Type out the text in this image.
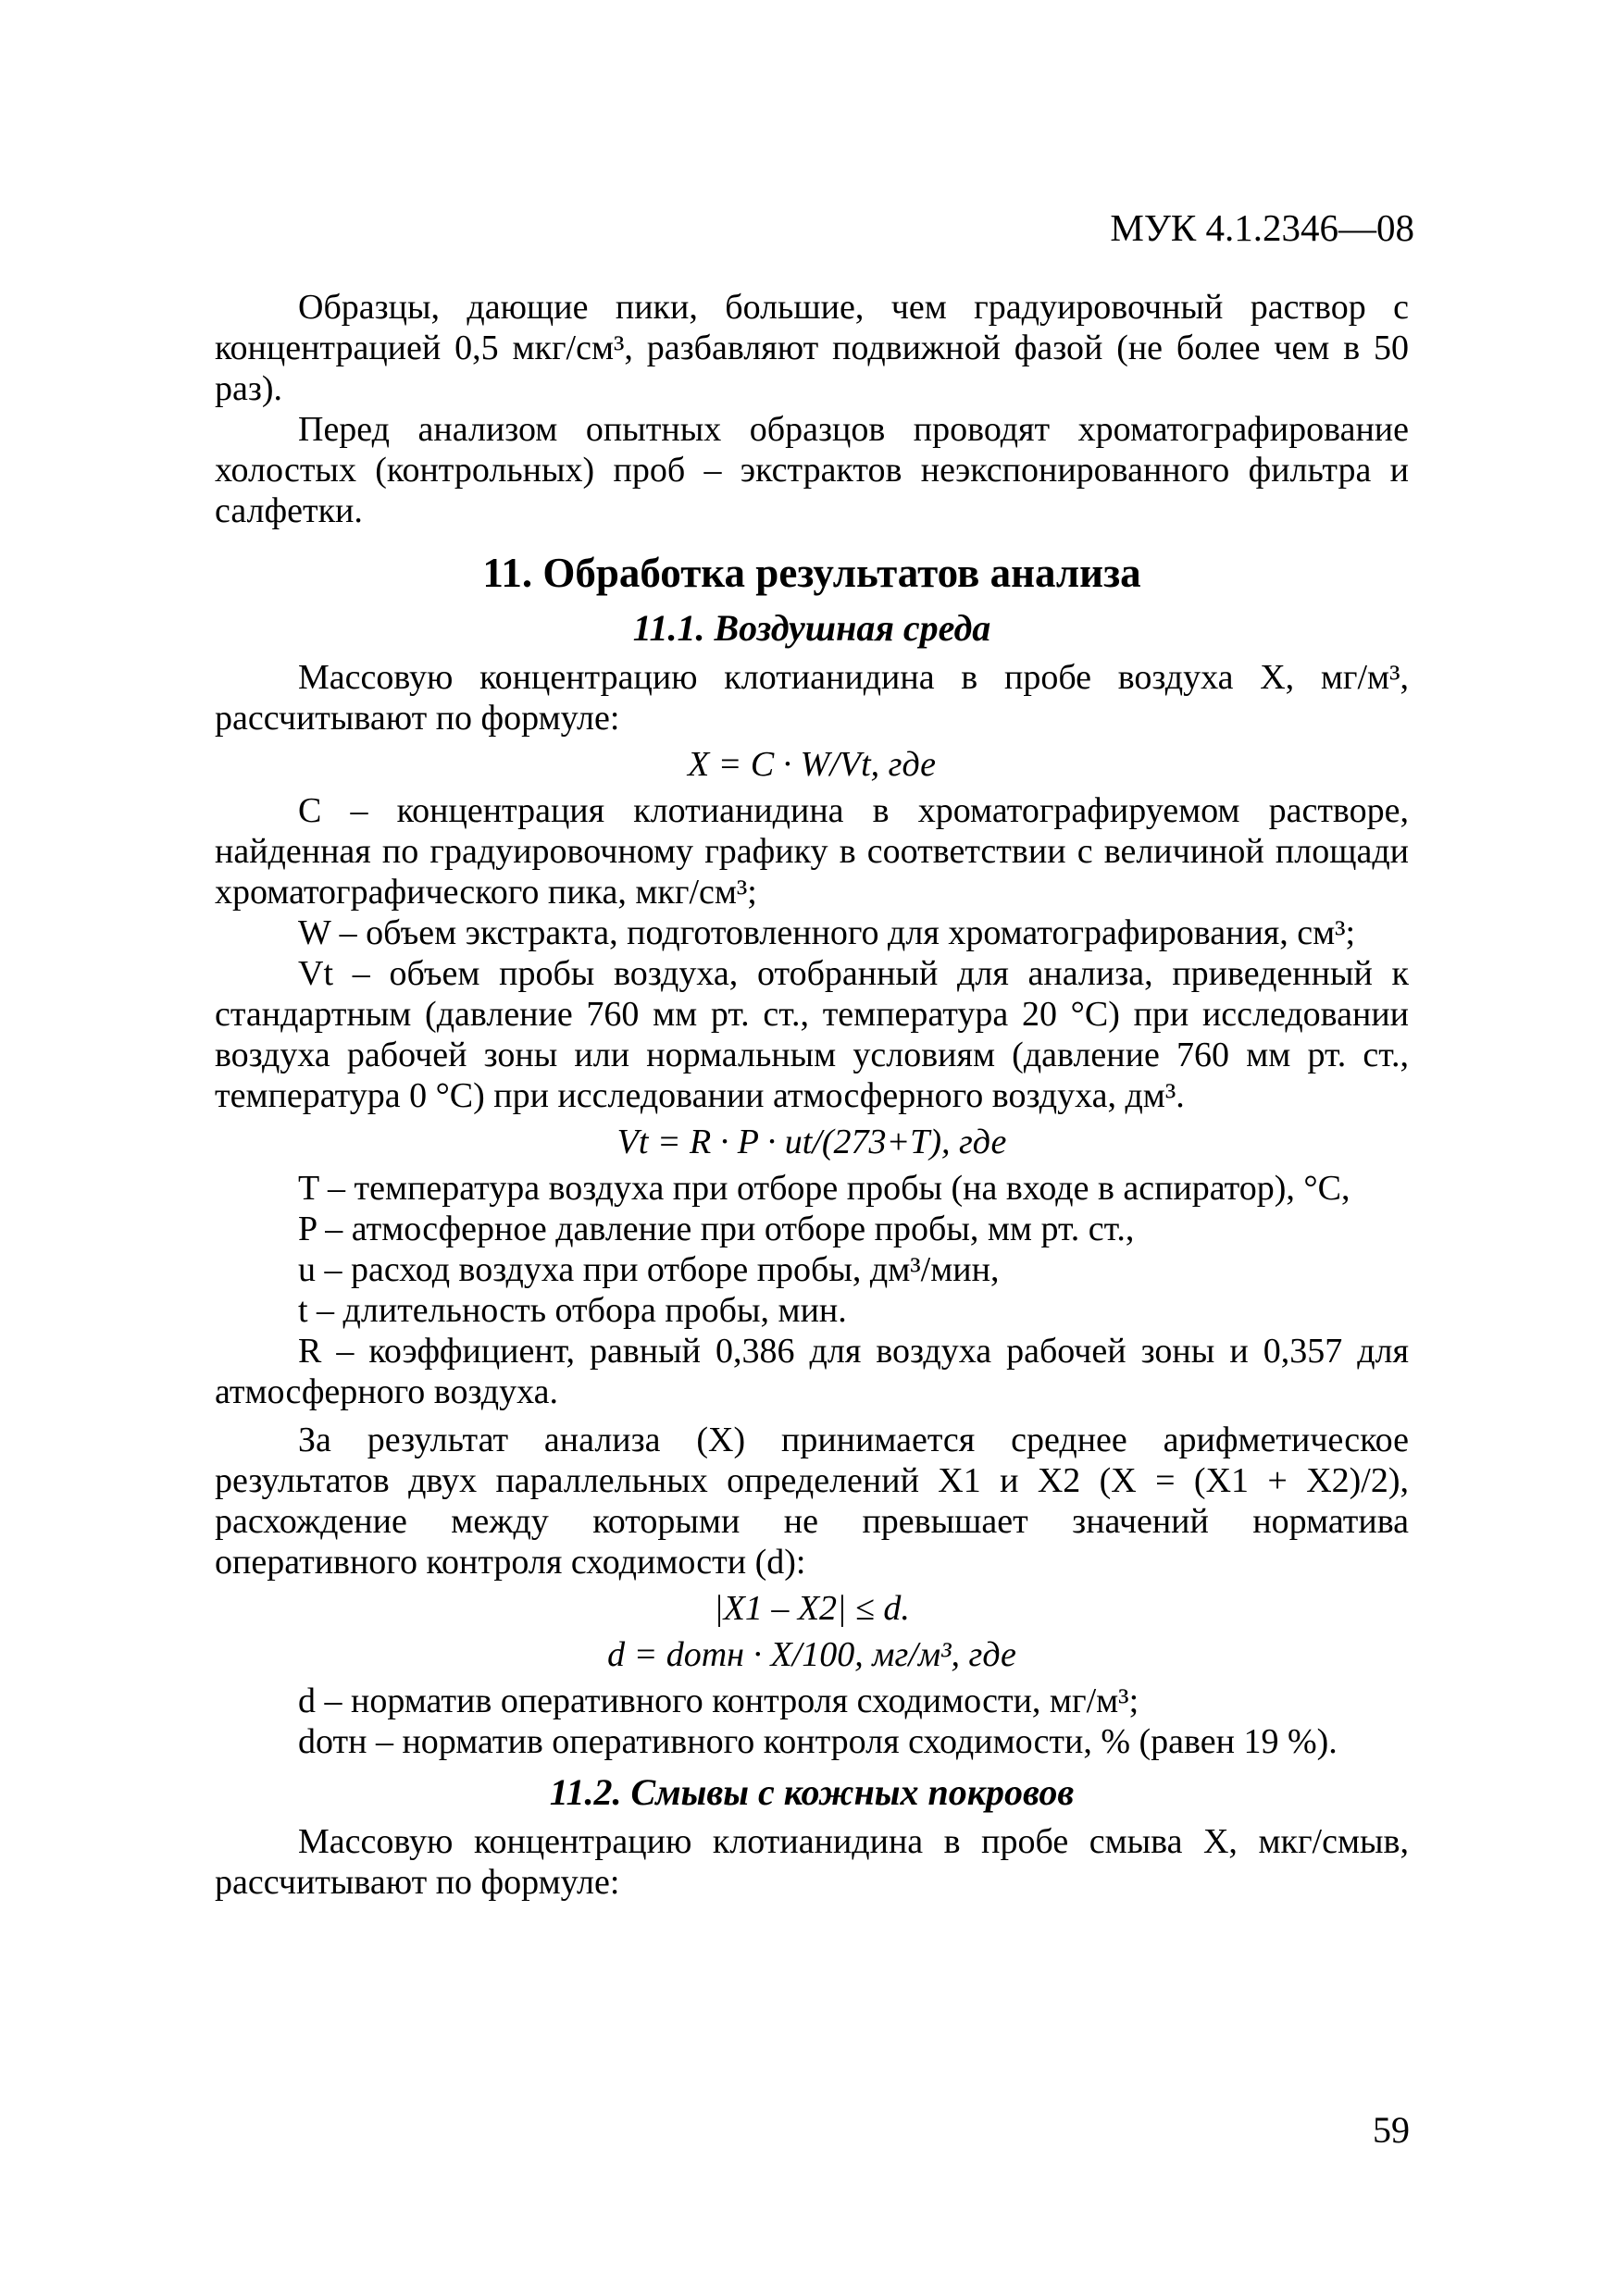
МУК 4.1.2346—08

Образцы, дающие пики, большие, чем градуировочный раствор с концентрацией 0,5 мкг/см³, разбавляют подвижной фазой (не более чем в 50 раз).

Перед анализом опытных образцов проводят хроматографирование холостых (контрольных) проб – экстрактов неэкспонированного фильтра и салфетки.

11. Обработка результатов анализа
11.1. Воздушная среда

Массовую концентрацию клотианидина в пробе воздуха X, мг/м³, рассчитывают по формуле:

X = C · W/Vt, где

C – концентрация клотианидина в хроматографируемом растворе, найденная по градуировочному графику в соответствии с величиной площади хроматографического пика, мкг/см³;

W – объем экстракта, подготовленного для хроматографирования, см³;

Vt – объем пробы воздуха, отобранный для анализа, приведенный к стандартным (давление 760 мм рт. ст., температура 20 °С) при исследовании воздуха рабочей зоны или нормальным условиям (давление 760 мм рт. ст., температура 0 °С) при исследовании атмосферного воздуха, дм³.

Vt = R · P · ut/(273+T), где

T – температура воздуха при отборе пробы (на входе в аспиратор), °С,

P – атмосферное давление при отборе пробы, мм рт. ст.,

u – расход воздуха при отборе пробы, дм³/мин,

t – длительность отбора пробы, мин.

R – коэффициент, равный 0,386 для воздуха рабочей зоны и 0,357 для атмосферного воздуха.

За результат анализа (X) принимается среднее арифметическое результатов двух параллельных определений X1 и X2 (X = (X1 + X2)/2), расхождение между которыми не превышает значений норматива оперативного контроля сходимости (d):

|X1 – X2| ≤ d.
d = dотн · X/100, мг/м³, где

d – норматив оперативного контроля сходимости, мг/м³;

dотн – норматив оперативного контроля сходимости, % (равен 19 %).

11.2. Смывы с кожных покровов

Массовую концентрацию клотианидина в пробе смыва X, мкг/смыв, рассчитывают по формуле:

59
